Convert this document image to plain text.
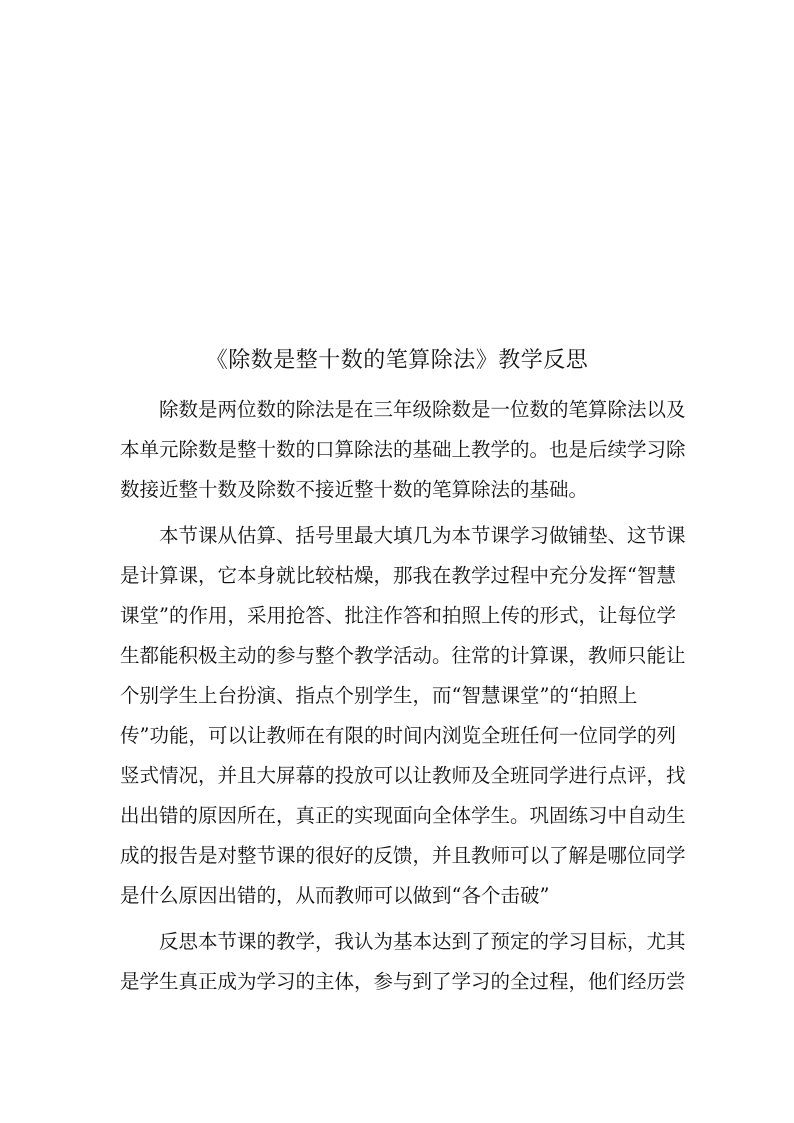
《除数是整十数的笔算除法》教学反思
除数是两位数的除法是在三年级除数是一位数的笔算除法以及
本单元除数是整十数的口算除法的基础上教学的。也是后续学习除
数接近整十数及除数不接近整十数的笔算除法的基础。
本节课从估算、括号里最大填几为本节课学习做铺垫、这节课
是计算课，它本身就比较枯燥，那我在教学过程中充分发挥“智慧
课堂”的作用，采用抢答、批注作答和拍照上传的形式，让每位学
生都能积极主动的参与整个教学活动。往常的计算课，教师只能让
个别学生上台扮演、指点个别学生，而“智慧课堂”的“拍照上
传”功能，可以让教师在有限的时间内浏览全班任何一位同学的列
竖式情况，并且大屏幕的投放可以让教师及全班同学进行点评，找
出出错的原因所在，真正的实现面向全体学生。巩固练习中自动生
成的报告是对整节课的很好的反馈，并且教师可以了解是哪位同学
是什么原因出错的，从而教师可以做到“各个击破”
反思本节课的教学，我认为基本达到了预定的学习目标，尤其
是学生真正成为学习的主体，参与到了学习的全过程，他们经历尝
